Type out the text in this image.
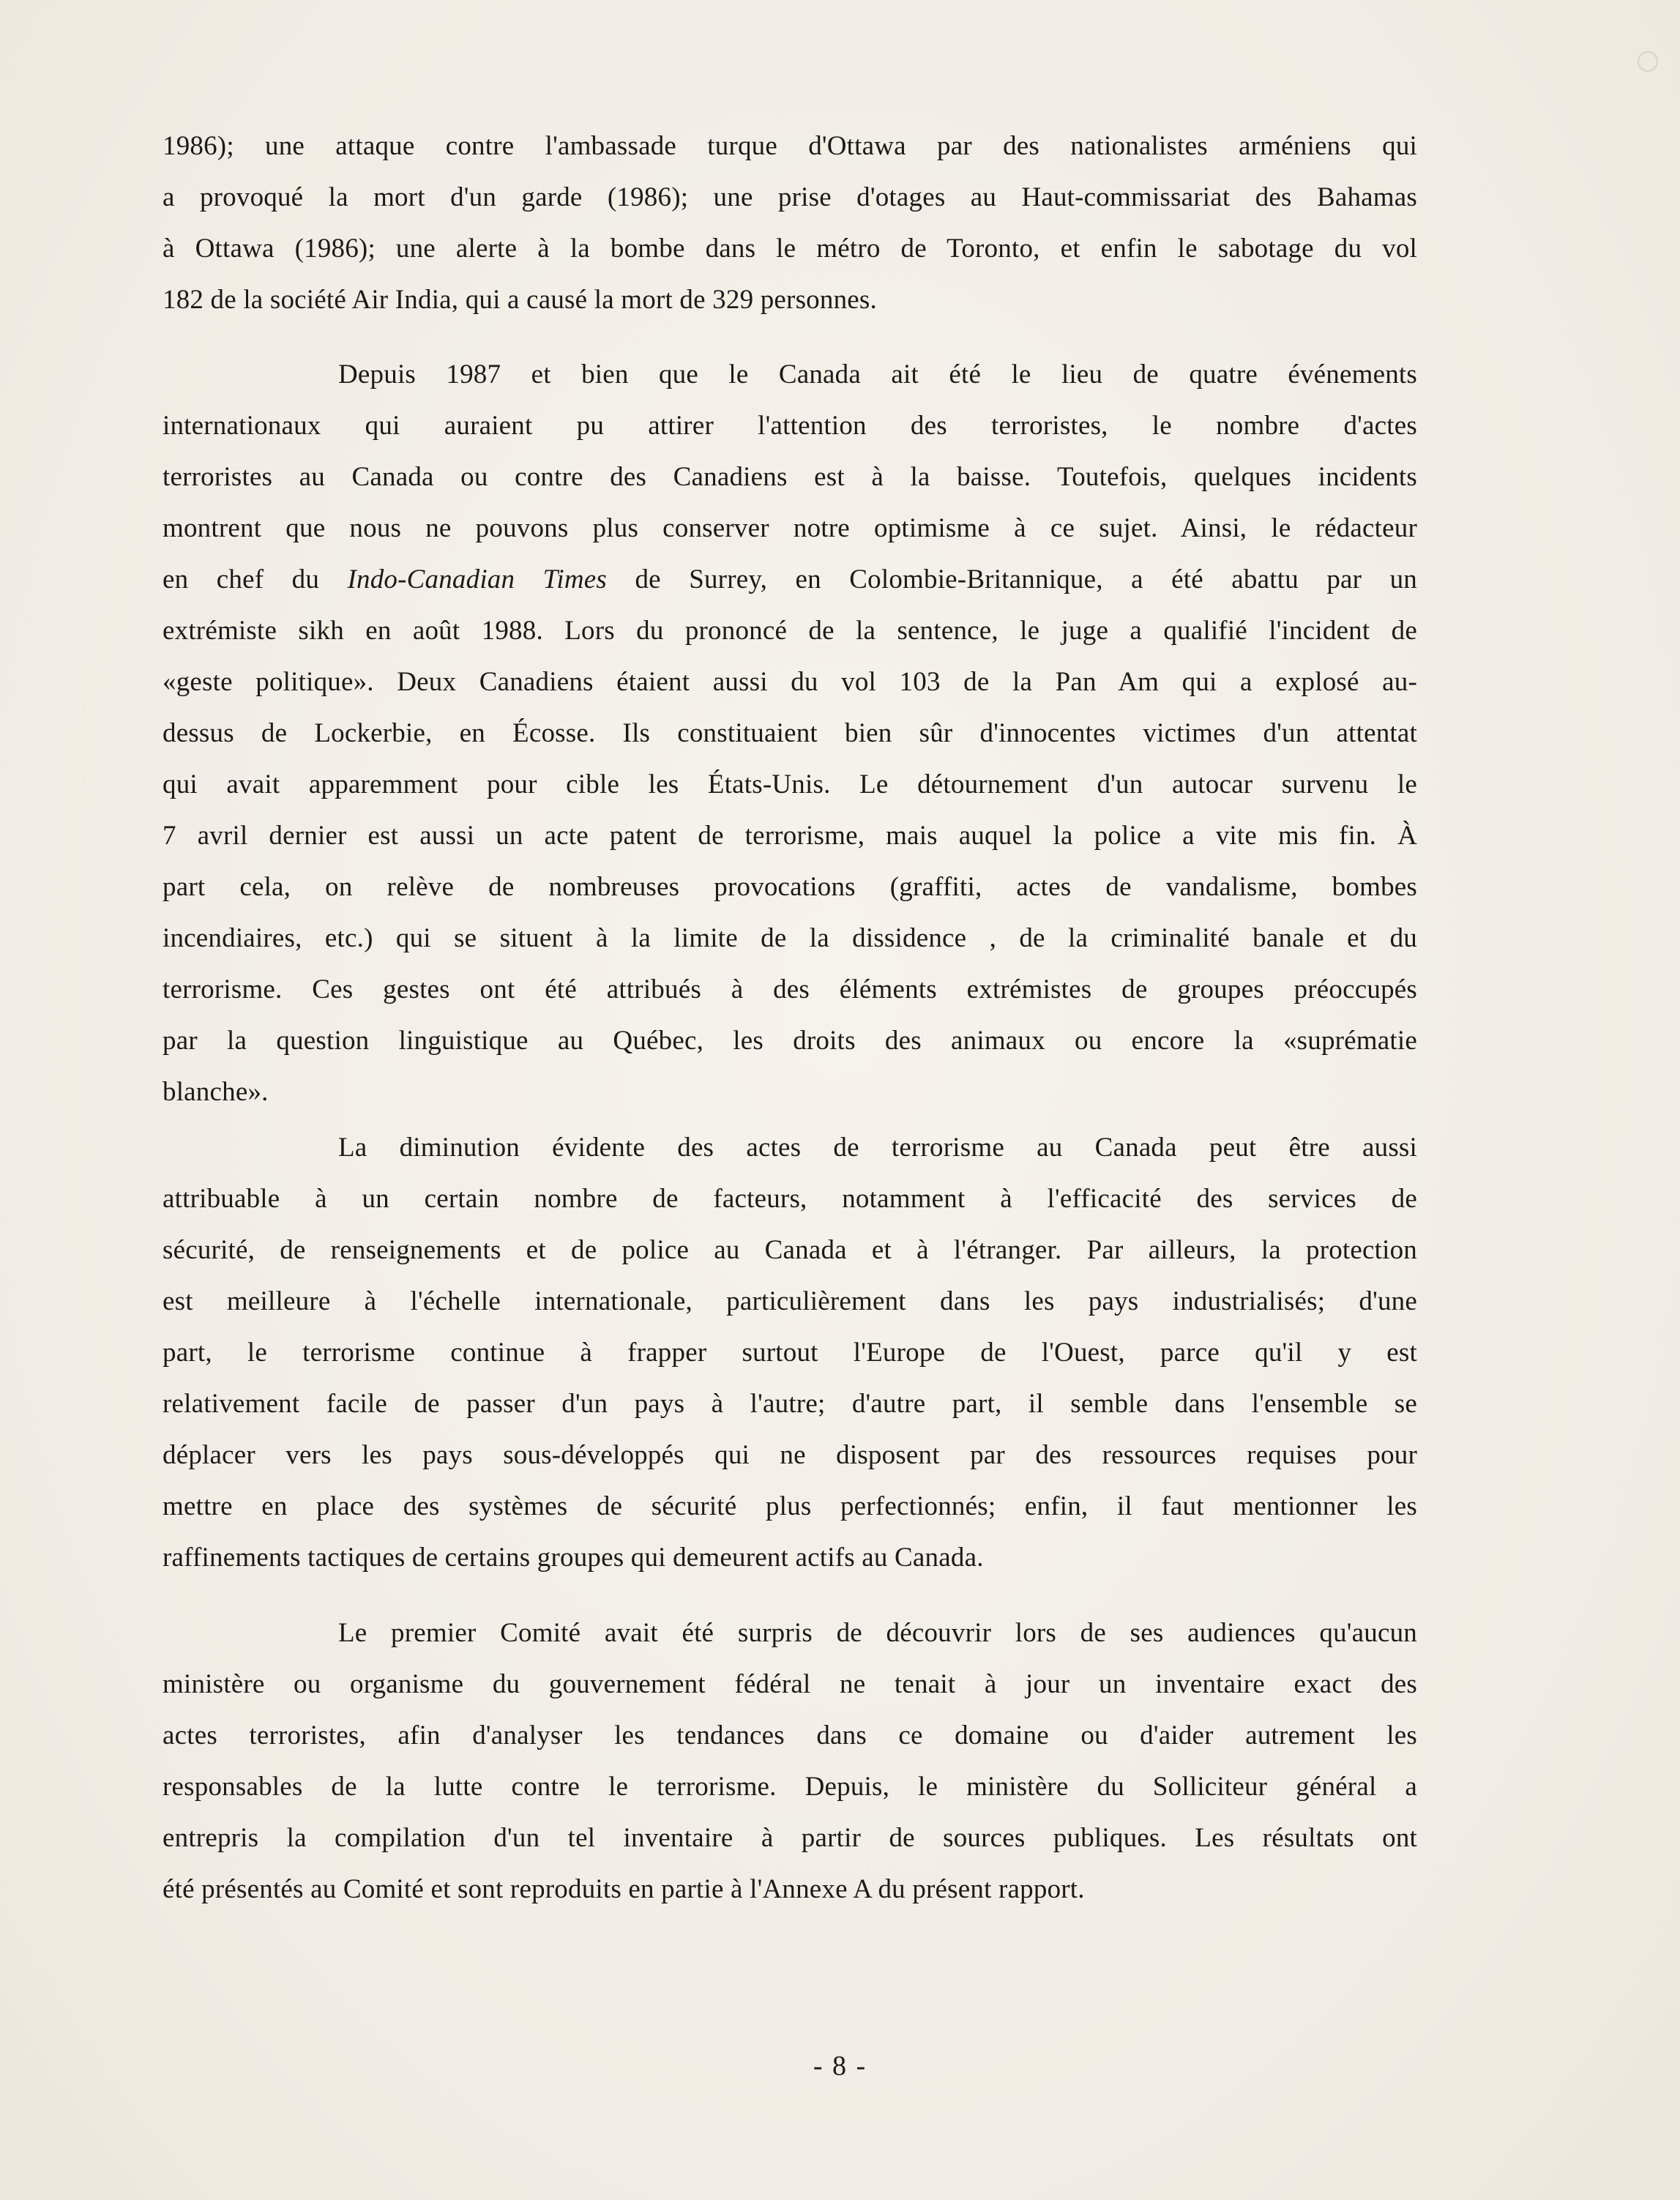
1986); une attaque contre l'ambassade turque d'Ottawa par des nationalistes arméniens qui
a provoqué la mort d'un garde (1986); une prise d'otages au Haut-commissariat des Bahamas
à Ottawa (1986); une alerte à la bombe dans le métro de Toronto, et enfin le sabotage du vol
182 de la société Air India, qui a causé la mort de 329 personnes.
Depuis 1987 et bien que le Canada ait été le lieu de quatre événements
internationaux qui auraient pu attirer l'attention des terroristes, le nombre d'actes
terroristes au Canada ou contre des Canadiens est à la baisse. Toutefois, quelques incidents
montrent que nous ne pouvons plus conserver notre optimisme à ce sujet. Ainsi, le rédacteur
en chef du Indo-Canadian Times de Surrey, en Colombie-Britannique, a été abattu par un
extrémiste sikh en août 1988. Lors du prononcé de la sentence, le juge a qualifié l'incident de
«geste politique». Deux Canadiens étaient aussi du vol 103 de la Pan Am qui a explosé au-
dessus de Lockerbie, en Écosse. Ils constituaient bien sûr d'innocentes victimes d'un attentat
qui avait apparemment pour cible les États-Unis. Le détournement d'un autocar survenu le
7 avril dernier est aussi un acte patent de terrorisme, mais auquel la police a vite mis fin. À
part cela, on relève de nombreuses provocations (graffiti, actes de vandalisme, bombes
incendiaires, etc.) qui se situent à la limite de la dissidence , de la criminalité banale et du
terrorisme. Ces gestes ont été attribués à des éléments extrémistes de groupes préoccupés
par la question linguistique au Québec, les droits des animaux ou encore la «suprématie
blanche».
La diminution évidente des actes de terrorisme au Canada peut être aussi
attribuable à un certain nombre de facteurs, notamment à l'efficacité des services de
sécurité, de renseignements et de police au Canada et à l'étranger. Par ailleurs, la protection
est meilleure à l'échelle internationale, particulièrement dans les pays industrialisés; d'une
part, le terrorisme continue à frapper surtout l'Europe de l'Ouest, parce qu'il y est
relativement facile de passer d'un pays à l'autre; d'autre part, il semble dans l'ensemble se
déplacer vers les pays sous-développés qui ne disposent par des ressources requises pour
mettre en place des systèmes de sécurité plus perfectionnés; enfin, il faut mentionner les
raffinements tactiques de certains groupes qui demeurent actifs au Canada.
Le premier Comité avait été surpris de découvrir lors de ses audiences qu'aucun
ministère ou organisme du gouvernement fédéral ne tenait à jour un inventaire exact des
actes terroristes, afin d'analyser les tendances dans ce domaine ou d'aider autrement les
responsables de la lutte contre le terrorisme. Depuis, le ministère du Solliciteur général a
entrepris la compilation d'un tel inventaire à partir de sources publiques. Les résultats ont
été présentés au Comité et sont reproduits en partie à l'Annexe A du présent rapport.
- 8 -
